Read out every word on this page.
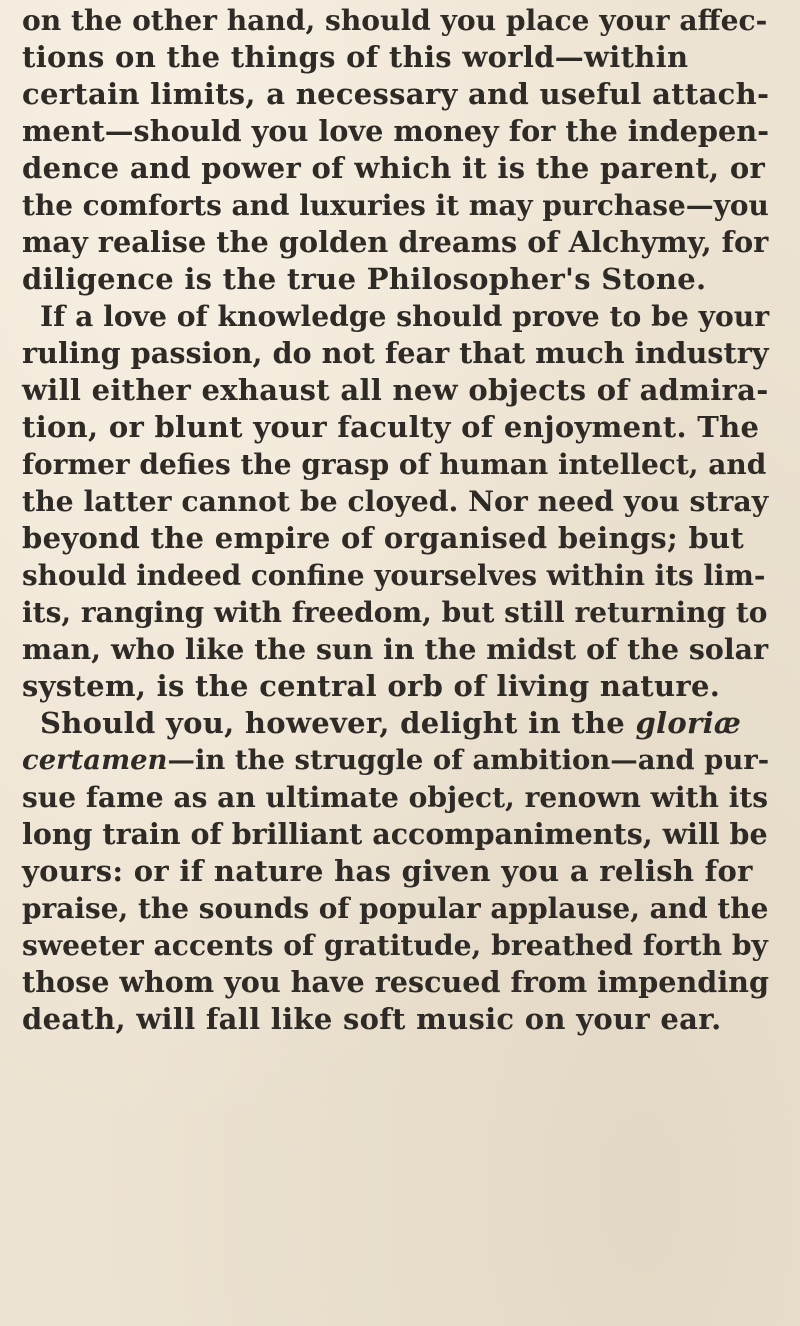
on the other hand, should you place your affec-
tions on the things of this world—within
certain limits, a necessary and useful attach-
ment—should you love money for the indepen-
dence and power of which it is the parent, or
the comforts and luxuries it may purchase—you
may realise the golden dreams of Alchymy, for
diligence is the true Philosopher's Stone.
If a love of knowledge should prove to be your
ruling passion, do not fear that much industry
will either exhaust all new objects of admira-
tion, or blunt your faculty of enjoyment. The
former defies the grasp of human intellect, and
the latter cannot be cloyed. Nor need you stray
beyond the empire of organised beings; but
should indeed confine yourselves within its lim-
its, ranging with freedom, but still returning to
man, who like the sun in the midst of the solar
system, is the central orb of living nature.
Should you, however, delight in the gloriæ
certamen—in the struggle of ambition—and pur-
sue fame as an ultimate object, renown with its
long train of brilliant accompaniments, will be
yours: or if nature has given you a relish for
praise, the sounds of popular applause, and the
sweeter accents of gratitude, breathed forth by
those whom you have rescued from impending
death, will fall like soft music on your ear.
